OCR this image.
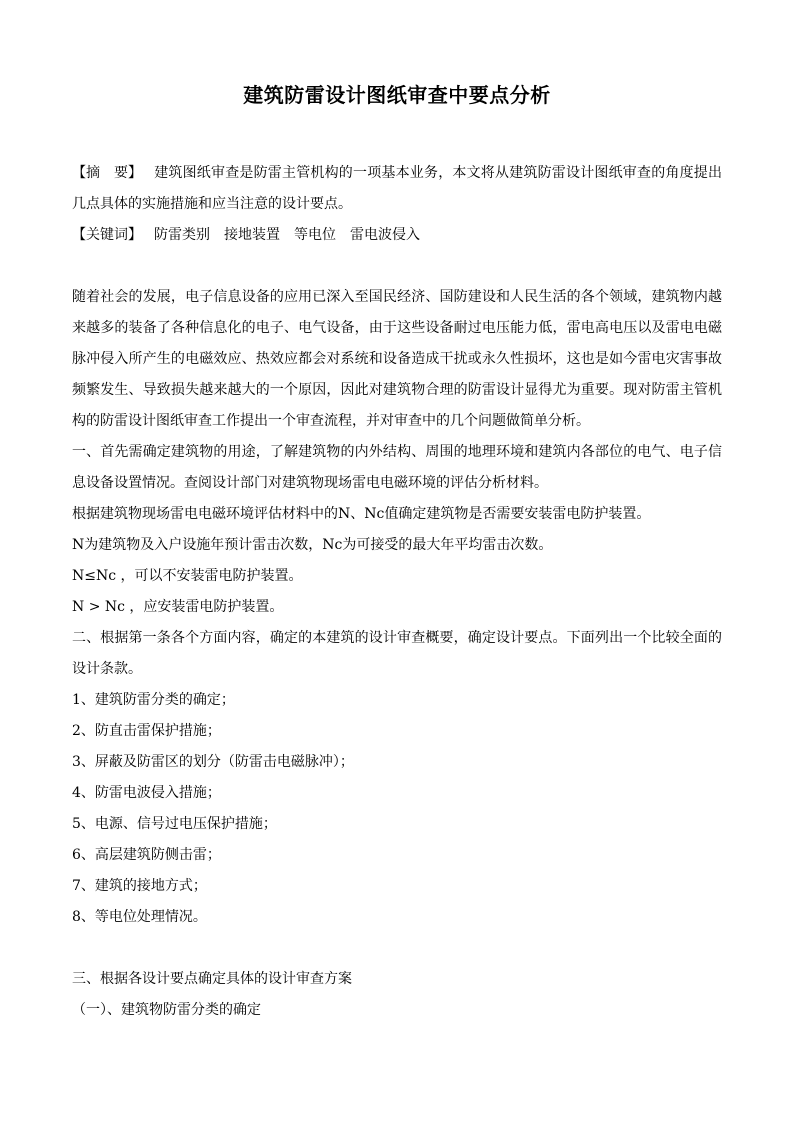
建筑防雷设计图纸审查中要点分析

【摘　要】 建筑图纸审查是防雷主管机构的一项基本业务，本文将从建筑防雷设计图纸审查的角度提出几点具体的实施措施和应当注意的设计要点。

【关键词】 防雷类别　接地装置　等电位　雷电波侵入

随着社会的发展，电子信息设备的应用已深入至国民经济、国防建设和人民生活的各个领域，建筑物内越来越多的装备了各种信息化的电子、电气设备，由于这些设备耐过电压能力低，雷电高电压以及雷电电磁脉冲侵入所产生的电磁效应、热效应都会对系统和设备造成干扰或永久性损坏，这也是如今雷电灾害事故频繁发生、导致损失越来越大的一个原因，因此对建筑物合理的防雷设计显得尤为重要。现对防雷主管机构的防雷设计图纸审查工作提出一个审查流程，并对审查中的几个问题做简单分析。

一、首先需确定建筑物的用途，了解建筑物的内外结构、周围的地理环境和建筑内各部位的电气、电子信息设备设置情况。查阅设计部门对建筑物现场雷电电磁环境的评估分析材料。

根据建筑物现场雷电电磁环境评估材料中的N、Nc值确定建筑物是否需要安装雷电防护装置。

N为建筑物及入户设施年预计雷击次数，Nc为可接受的最大年平均雷击次数。

N≤Nc ，可以不安装雷电防护装置。

N > Nc ，应安装雷电防护装置。

二、根据第一条各个方面内容，确定的本建筑的设计审查概要，确定设计要点。下面列出一个比较全面的设计条款。

1、建筑防雷分类的确定；

2、防直击雷保护措施；

3、屏蔽及防雷区的划分（防雷击电磁脉冲）；

4、防雷电波侵入措施；

5、电源、信号过电压保护措施；

6、高层建筑防侧击雷；

7、建筑的接地方式；

8、等电位处理情况。

三、根据各设计要点确定具体的设计审查方案

（一）、建筑物防雷分类的确定
